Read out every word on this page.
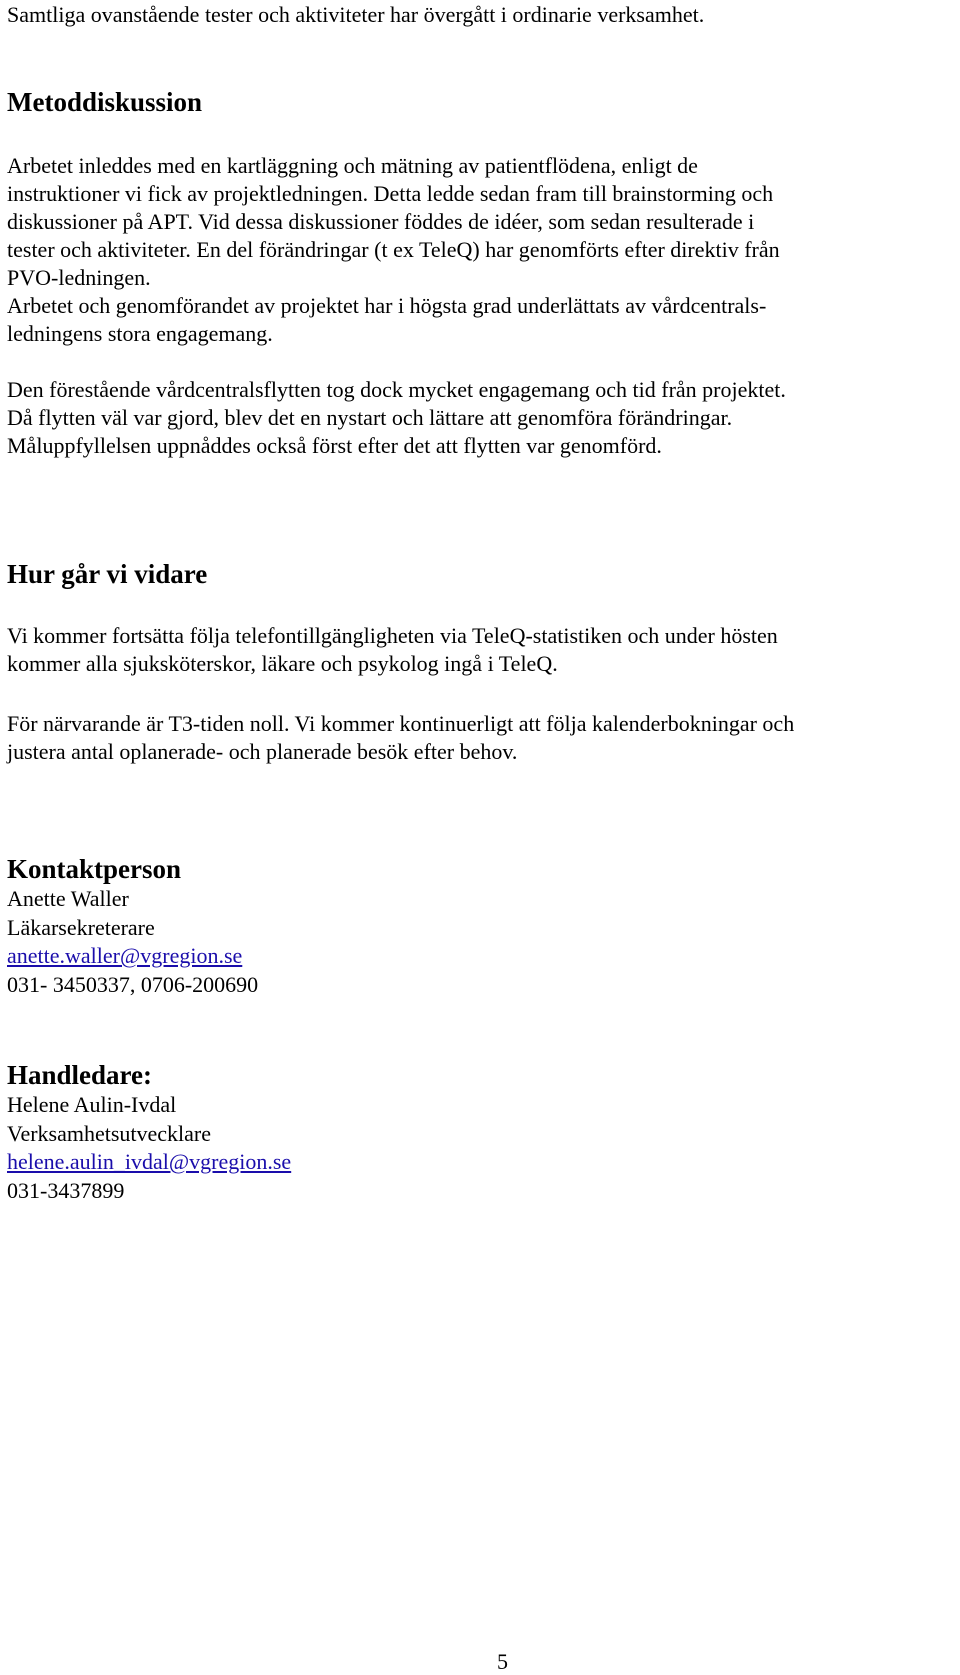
Samtliga ovanstående tester och aktiviteter har övergått i ordinarie verksamhet.
Metoddiskussion
Arbetet inleddes med en kartläggning och mätning av patientflödena, enligt de
instruktioner vi fick av projektledningen. Detta ledde sedan fram till brainstorming och
diskussioner på APT. Vid dessa diskussioner föddes de idéer, som sedan resulterade i
tester och aktiviteter. En del förändringar (t ex TeleQ) har genomförts efter direktiv från
PVO-ledningen.
Arbetet och genomförandet av projektet har i högsta grad underlättats av vårdcentrals-
ledningens stora engagemang.
Den förestående vårdcentralsflytten tog dock mycket engagemang och tid från projektet.
Då flytten väl var gjord, blev det en nystart och lättare att genomföra förändringar.
Måluppfyllelsen uppnåddes också först efter det att flytten var genomförd.
Hur går vi vidare
Vi kommer fortsätta följa telefontillgängligheten via TeleQ-statistiken och under hösten
kommer alla sjuksköterskor, läkare och psykolog ingå i TeleQ.
För närvarande är T3-tiden noll. Vi kommer kontinuerligt att följa kalenderbokningar och
justera antal oplanerade- och planerade besök efter behov.
Kontaktperson
Anette Waller
Läkarsekreterare
anette.waller@vgregion.se
031- 3450337, 0706-200690
Handledare:
Helene Aulin-Ivdal
Verksamhetsutvecklare
helene.aulin_ivdal@vgregion.se
031-3437899
5
